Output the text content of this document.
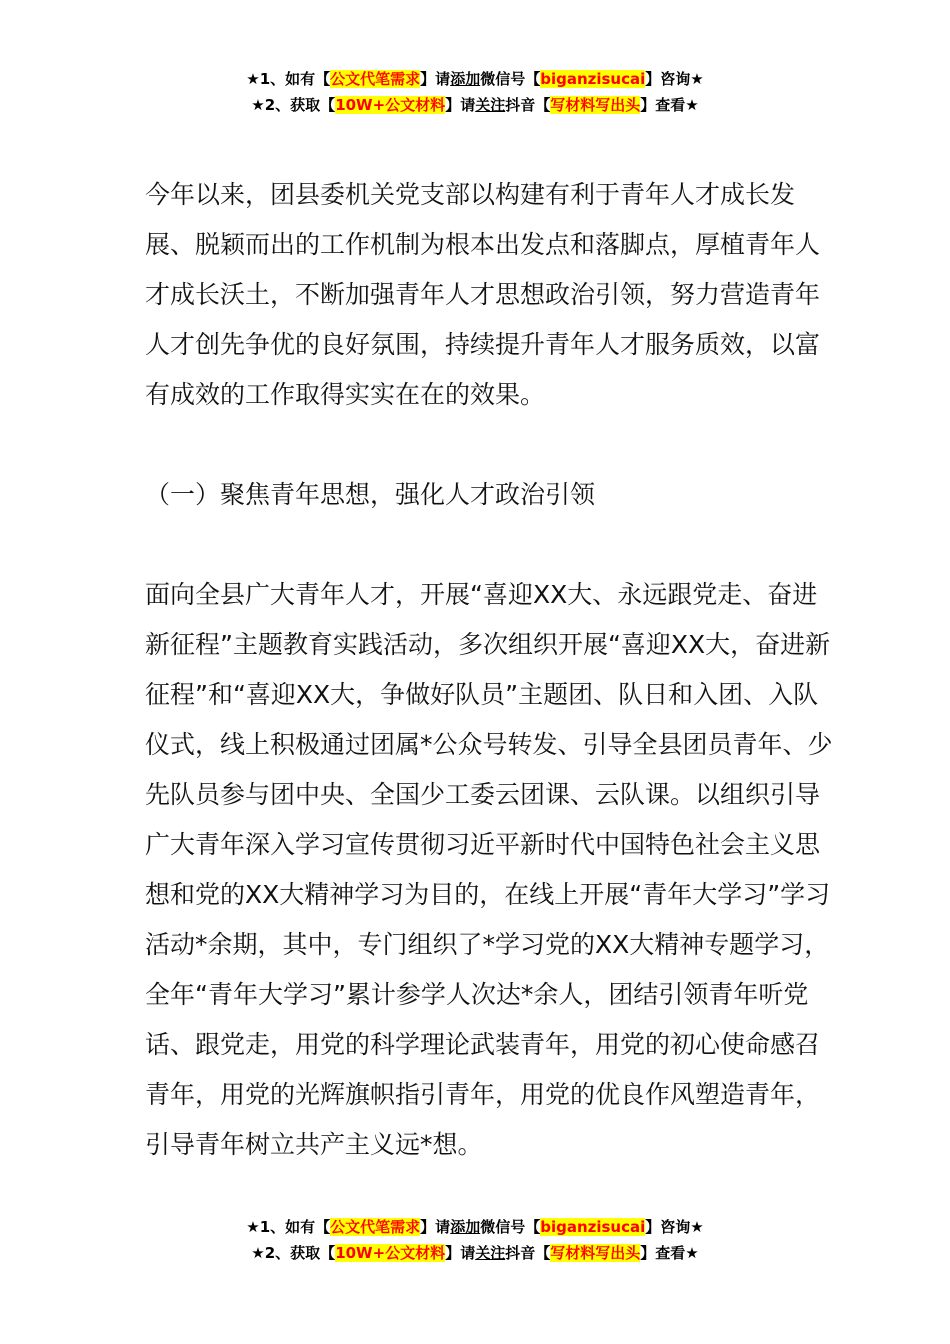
★1、如有【公文代笔需求】请添加微信号【biganzisucai】咨询★
★2、获取【10W+公文材料】请关注抖音【写材料写出头】查看★

今年以来，团县委机关党支部以构建有利于青年人才成长发展、脱颖而出的工作机制为根本出发点和落脚点，厚植青年人才成长沃土，不断加强青年人才思想政治引领，努力营造青年人才创先争优的良好氛围，持续提升青年人才服务质效，以富有成效的工作取得实实在在的效果。

（一）聚焦青年思想，强化人才政治引领

面向全县广大青年人才，开展“喜迎XX大、永远跟党走、奋进新征程”主题教育实践活动，多次组织开展“喜迎XX大，奋进新征程”和“喜迎XX大，争做好队员”主题团、队日和入团、入队仪式，线上积极通过团属*公众号转发、引导全县团员青年、少先队员参与团中央、全国少工委云团课、云队课。以组织引导广大青年深入学习宣传贯彻习近平新时代中国特色社会主义思想和党的XX大精神学习为目的，在线上开展“青年大学习”学习活动*余期，其中，专门组织了*学习党的XX大精神专题学习，全年“青年大学习”累计参学人次达*余人，团结引领青年听党话、跟党走，用党的科学理论武装青年，用党的初心使命感召青年，用党的光辉旗帜指引青年，用党的优良作风塑造青年，引导青年树立共产主义远*想。

★1、如有【公文代笔需求】请添加微信号【biganzisucai】咨询★
★2、获取【10W+公文材料】请关注抖音【写材料写出头】查看★
